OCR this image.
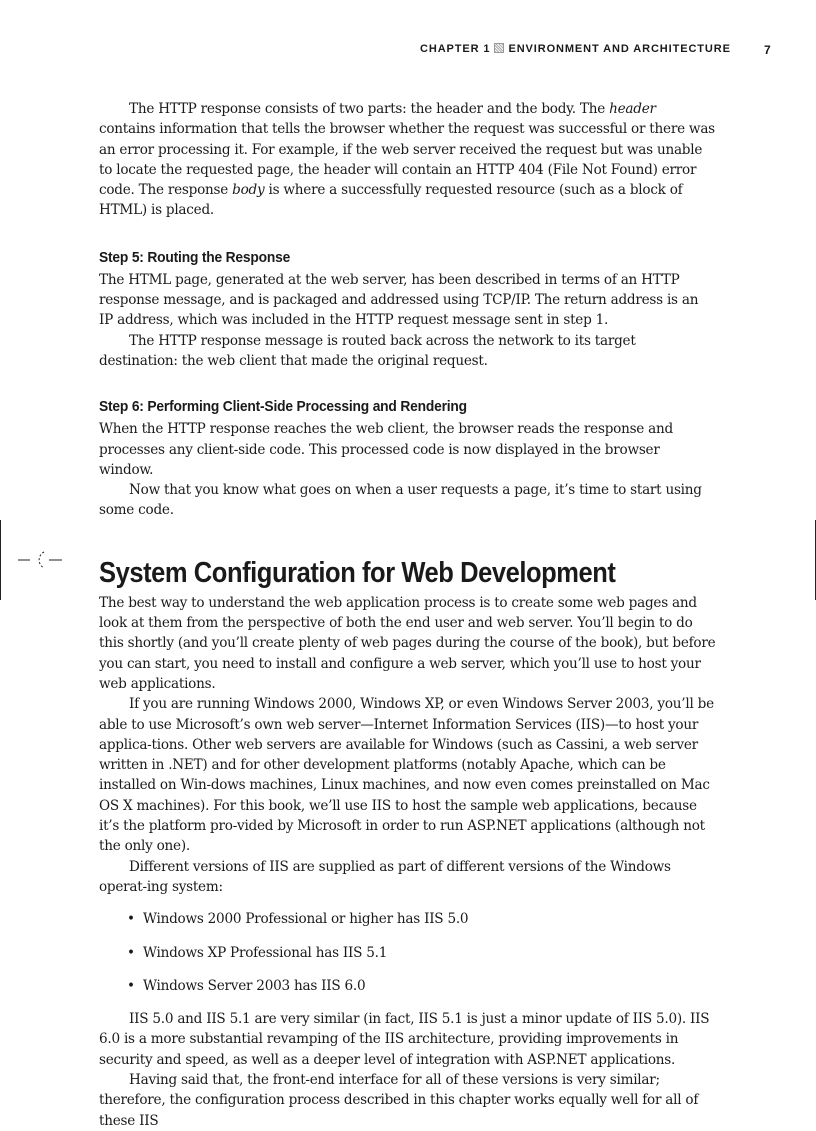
CHAPTER 1 ENVIRONMENT AND ARCHITECTURE	7

The HTTP response consists of two parts: the header and the body. The header contains information that tells the browser whether the request was successful or there was an error processing it. For example, if the web server received the request but was unable to locate the requested page, the header will contain an HTTP 404 (File Not Found) error code. The response body is where a successfully requested resource (such as a block of HTML) is placed.

Step 5: Routing the Response

The HTML page, generated at the web server, has been described in terms of an HTTP response message, and is packaged and addressed using TCP/IP. The return address is an IP address, which was included in the HTTP request message sent in step 1.

The HTTP response message is routed back across the network to its target destination: the web client that made the original request.

Step 6: Performing Client-Side Processing and Rendering

When the HTTP response reaches the web client, the browser reads the response and processes any client-side code. This processed code is now displayed in the browser window.

Now that you know what goes on when a user requests a page, it’s time to start using some code.

System Configuration for Web Development

The best way to understand the web application process is to create some web pages and look at them from the perspective of both the end user and web server. You’ll begin to do this shortly (and you’ll create plenty of web pages during the course of the book), but before you can start, you need to install and configure a web server, which you’ll use to host your web applications.

If you are running Windows 2000, Windows XP, or even Windows Server 2003, you’ll be able to use Microsoft’s own web server—Internet Information Services (IIS)—to host your applica-tions. Other web servers are available for Windows (such as Cassini, a web server written in .NET) and for other development platforms (notably Apache, which can be installed on Win-dows machines, Linux machines, and now even comes preinstalled on Mac OS X machines). For this book, we’ll use IIS to host the sample web applications, because it’s the platform pro-vided by Microsoft in order to run ASP.NET applications (although not the only one).

Different versions of IIS are supplied as part of different versions of the Windows operat-ing system:

• Windows 2000 Professional or higher has IIS 5.0
• Windows XP Professional has IIS 5.1
• Windows Server 2003 has IIS 6.0

IIS 5.0 and IIS 5.1 are very similar (in fact, IIS 5.1 is just a minor update of IIS 5.0). IIS 6.0 is a more substantial revamping of the IIS architecture, providing improvements in security and speed, as well as a deeper level of integration with ASP.NET applications.

Having said that, the front-end interface for all of these versions is very similar; therefore, the configuration process described in this chapter works equally well for all of these IIS
